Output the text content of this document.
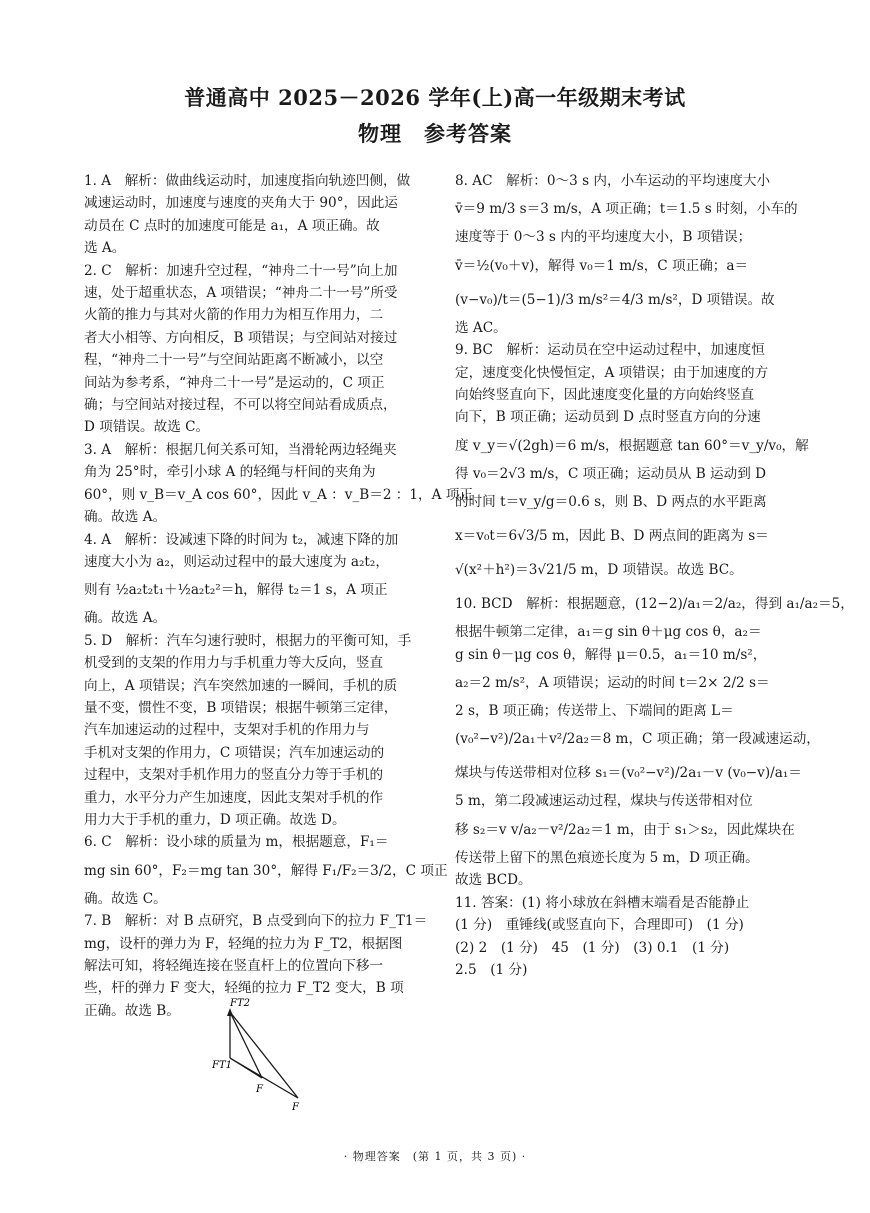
普通高中 2025－2026 学年(上)高一年级期末考试
物理　参考答案
1. A　解析：做曲线运动时，加速度指向轨迹凹侧，做
减速运动时，加速度与速度的夹角大于 90°，因此运
动员在 C 点时的加速度可能是 a₁，A 项正确。故
选 A。
2. C　解析：加速升空过程，“神舟二十一号”向上加
速，处于超重状态，A 项错误；“神舟二十一号”所受
火箭的推力与其对火箭的作用力为相互作用力，二
者大小相等、方向相反，B 项错误；与空间站对接过
程，“神舟二十一号”与空间站距离不断减小，以空
间站为参考系，“神舟二十一号”是运动的，C 项正
确；与空间站对接过程，不可以将空间站看成质点，
D 项错误。故选 C。
3. A　解析：根据几何关系可知，当滑轮两边轻绳夹
角为 25°时，牵引小球 A 的轻绳与杆间的夹角为
60°，则 v_B＝v_A cos 60°，因此 v_A ：v_B＝2 ：1，A 项正
确。故选 A。
4. A　解析：设减速下降的时间为 t₂，减速下降的加
速度大小为 a₂，则运动过程中的最大速度为 a₂t₂，
则有 ½a₂t₂t₁＋½a₂t₂²＝h，解得 t₂＝1 s，A 项正
确。故选 A。
5. D　解析：汽车匀速行驶时，根据力的平衡可知，手
机受到的支架的作用力与手机重力等大反向，竖直
向上，A 项错误；汽车突然加速的一瞬间，手机的质
量不变，惯性不变，B 项错误；根据牛顿第三定律，
汽车加速运动的过程中，支架对手机的作用力与
手机对支架的作用力，C 项错误；汽车加速运动的
过程中，支架对手机作用力的竖直分力等于手机的
重力，水平分力产生加速度，因此支架对手机的作
用力大于手机的重力，D 项正确。故选 D。
6. C　解析：设小球的质量为 m，根据题意，F₁＝
mg sin 60°，F₂＝mg tan 30°，解得 F₁/F₂＝3/2，C 项正
确。故选 C。
7. B　解析：对 B 点研究，B 点受到向下的拉力 F_T1＝
mg，设杆的弹力为 F，轻绳的拉力为 F_T2，根据图
解法可知，将轻绳连接在竖直杆上的位置向下移一
些，杆的弹力 F 变大，轻绳的拉力 F_T2 变大，B 项
正确。故选 B。	FT2
FT1
F
F
8. AC　解析：0～3 s 内，小车运动的平均速度大小
v̄＝9 m/3 s＝3 m/s，A 项正确；t＝1.5 s 时刻，小车的
速度等于 0～3 s 内的平均速度大小，B 项错误；
v̄＝½(v₀＋v)，解得 v₀＝1 m/s，C 项正确；a＝
(v−v₀)/t＝(5−1)/3 m/s²＝4/3 m/s²，D 项错误。故
选 AC。
9. BC　解析：运动员在空中运动过程中，加速度恒
定，速度变化快慢恒定，A 项错误；由于加速度的方
向始终竖直向下，因此速度变化量的方向始终竖直
向下，B 项正确；运动员到 D 点时竖直方向的分速
度 v_y＝√(2gh)＝6 m/s，根据题意 tan 60°＝v_y/v₀，解
得 v₀＝2√3 m/s，C 项正确；运动员从 B 运动到 D
的时间 t＝v_y/g＝0.6 s，则 B、D 两点的水平距离
x＝v₀t＝6√3/5 m，因此 B、D 两点间的距离为 s＝
√(x²＋h²)＝3√21/5 m，D 项错误。故选 BC。
10. BCD　解析：根据题意，(12−2)/a₁＝2/a₂，得到 a₁/a₂＝5，
根据牛顿第二定律，a₁＝g sin θ＋μg cos θ，a₂＝
g sin θ－μg cos θ，解得 μ＝0.5，a₁＝10 m/s²，
a₂＝2 m/s²，A 项错误；运动的时间 t＝2× 2/2 s＝
2 s，B 项正确；传送带上、下端间的距离 L＝
(v₀²−v²)/2a₁＋v²/2a₂＝8 m，C 项正确；第一段减速运动，
煤块与传送带相对位移 s₁＝(v₀²−v²)/2a₁－v (v₀−v)/a₁＝
5 m，第二段减速运动过程，煤块与传送带相对位
移 s₂＝v v/a₂－v²/2a₂＝1 m，由于 s₁＞s₂，因此煤块在
传送带上留下的黑色痕迹长度为 5 m，D 项正确。
故选 BCD。
11. 答案：(1) 将小球放在斜槽末端看是否能静止
(1 分)　重锤线(或竖直向下，合理即可)　(1 分)
(2) 2　(1 分)　45　(1 分)　(3) 0.1　(1 分)
2.5　(1 分)
· 物理答案　(第 1 页，共 3 页) ·
